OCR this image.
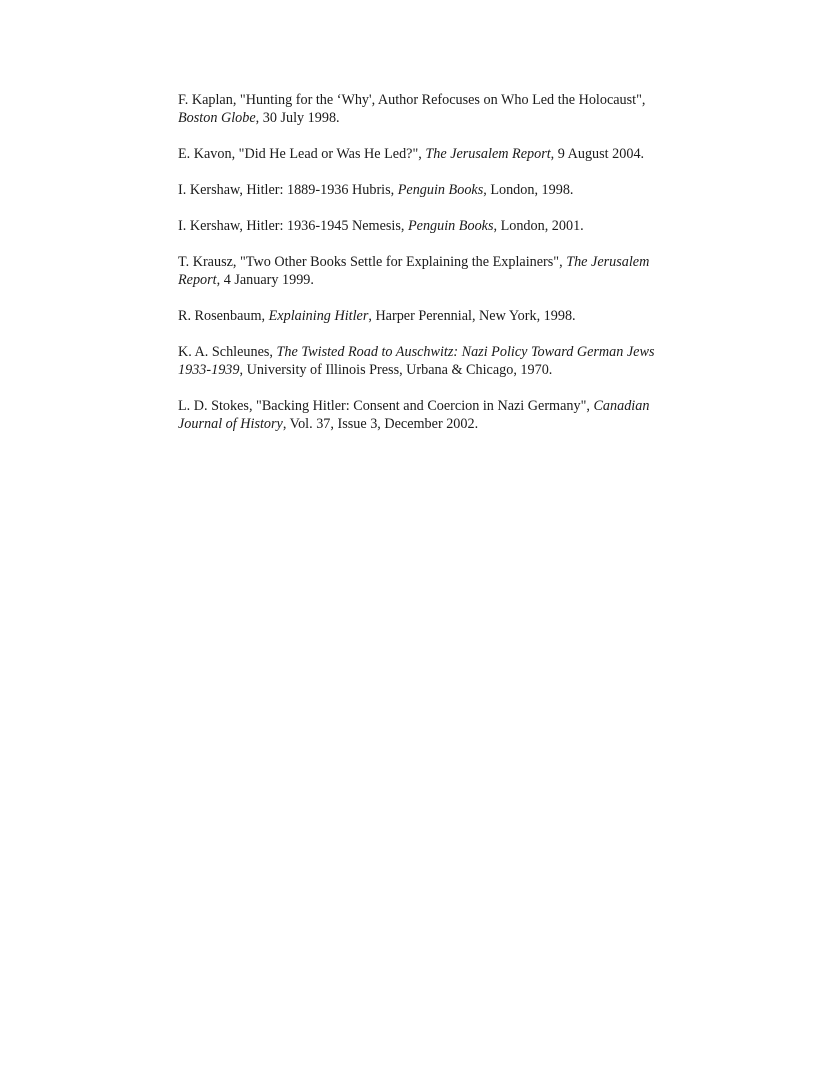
F. Kaplan, "Hunting for the ‘Why', Author Refocuses on Who Led the Holocaust", Boston Globe, 30 July 1998.

E. Kavon, "Did He Lead or Was He Led?", The Jerusalem Report, 9 August 2004.

I. Kershaw, Hitler: 1889-1936 Hubris, Penguin Books, London, 1998.

I. Kershaw, Hitler: 1936-1945 Nemesis, Penguin Books, London, 2001.

T. Krausz, "Two Other Books Settle for Explaining the Explainers", The Jerusalem Report, 4 January 1999.

R. Rosenbaum, Explaining Hitler, Harper Perennial, New York, 1998.

K. A. Schleunes, The Twisted Road to Auschwitz: Nazi Policy Toward German Jews 1933-1939, University of Illinois Press, Urbana & Chicago, 1970.

L. D. Stokes, "Backing Hitler: Consent and Coercion in Nazi Germany", Canadian Journal of History, Vol. 37, Issue 3, December 2002.
